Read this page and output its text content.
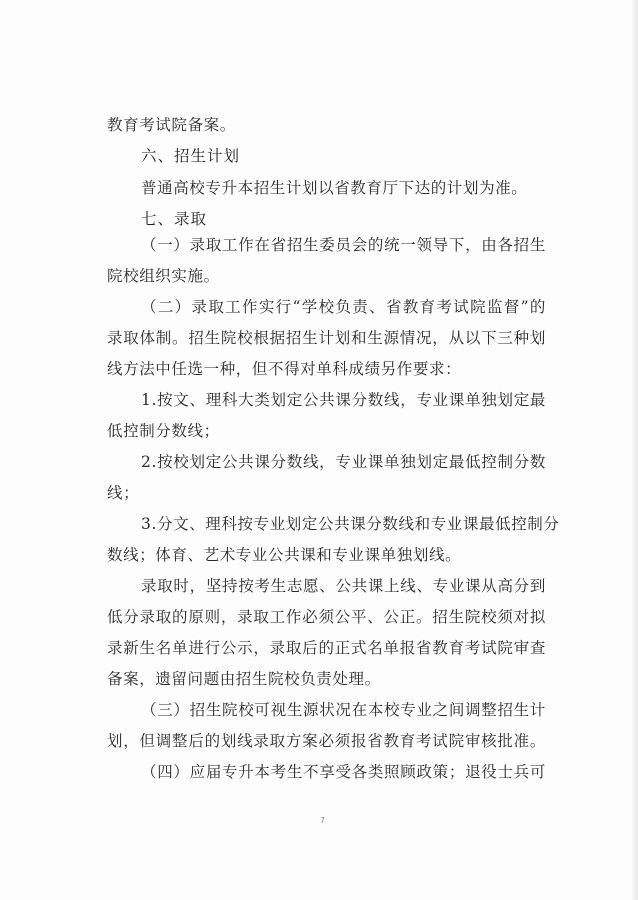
教育考试院备案。
六、招生计划
普通高校专升本招生计划以省教育厅下达的计划为准。
七、录取
（一）录取工作在省招生委员会的统一领导下，由各招生
院校组织实施。
（二）录取工作实行“学校负责、省教育考试院监督”的
录取体制。招生院校根据招生计划和生源情况，从以下三种划
线方法中任选一种，但不得对单科成绩另作要求：
1.按文、理科大类划定公共课分数线，专业课单独划定最
低控制分数线；
2.按校划定公共课分数线，专业课单独划定最低控制分数
线；
3.分文、理科按专业划定公共课分数线和专业课最低控制分
数线；体育、艺术专业公共课和专业课单独划线。
录取时，坚持按考生志愿、公共课上线、专业课从高分到
低分录取的原则，录取工作必须公平、公正。招生院校须对拟
录新生名单进行公示，录取后的正式名单报省教育考试院审查
备案，遗留问题由招生院校负责处理。
（三）招生院校可视生源状况在本校专业之间调整招生计
划，但调整后的划线录取方案必须报省教育考试院审核批准。
（四）应届专升本考生不享受各类照顾政策；退役士兵可
7
